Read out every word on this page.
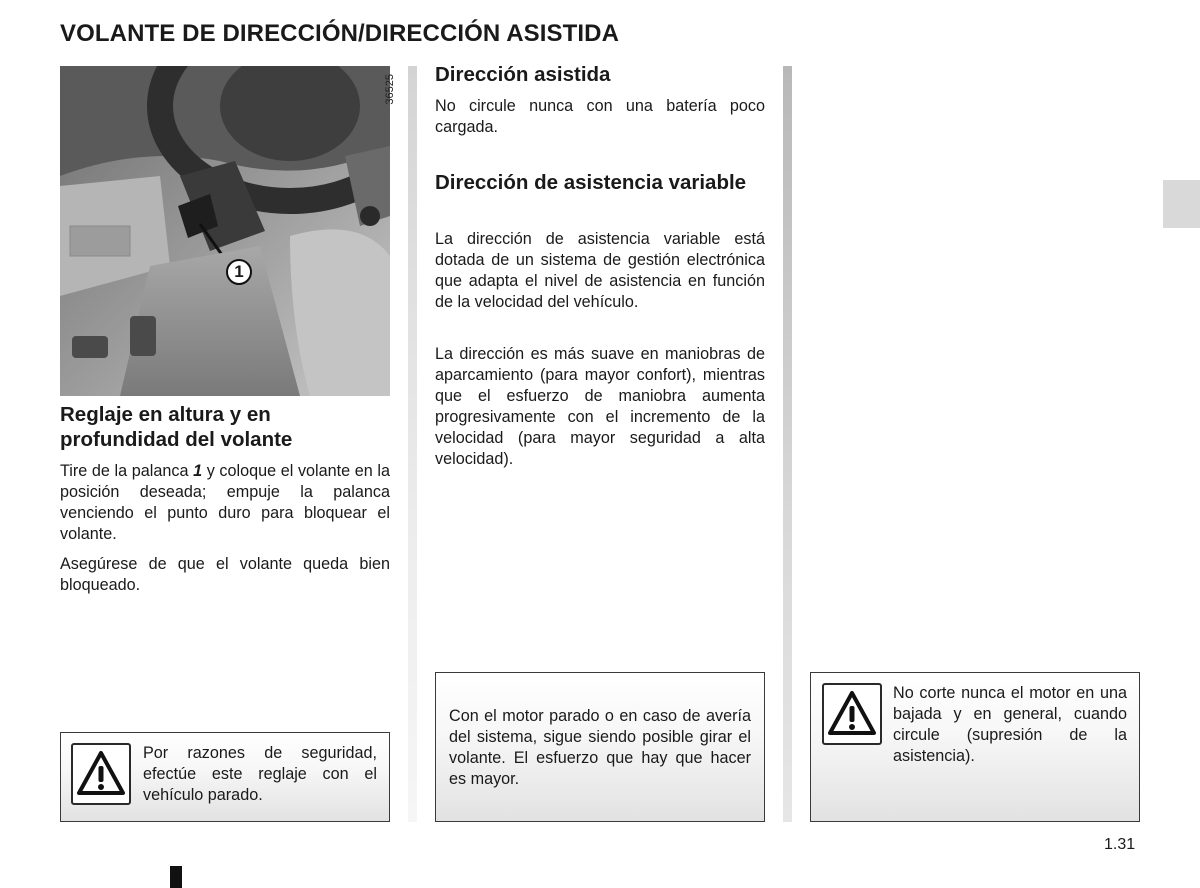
VOLANTE DE DIRECCIÓN/DIRECCIÓN ASISTIDA
36525
1
Reglaje en altura y en profundidad del volante

Tire de la palanca 1 y coloque el volante en la posición deseada; empuje la palanca venciendo el punto duro para bloquear el volante.

Asegúrese de que el volante queda bien bloqueado.

Por razones de seguridad, efectúe este reglaje con el vehículo parado.

Dirección asistida

No circule nunca con una batería poco cargada.

Dirección de asistencia variable

La dirección de asistencia variable está dotada de un sistema de gestión electrónica que adapta el nivel de asistencia en función de la velocidad del vehículo.

La dirección es más suave en maniobras de aparcamiento (para mayor confort), mientras que el esfuerzo de maniobra aumenta progresivamente con el incremento de la velocidad (para mayor seguridad a alta velocidad).

Con el motor parado o en caso de avería del sistema, sigue siendo posible girar el volante. El esfuerzo que hay que hacer es mayor.

No corte nunca el motor en una bajada y en general, cuando circule (supresión de la asistencia).

1.31
